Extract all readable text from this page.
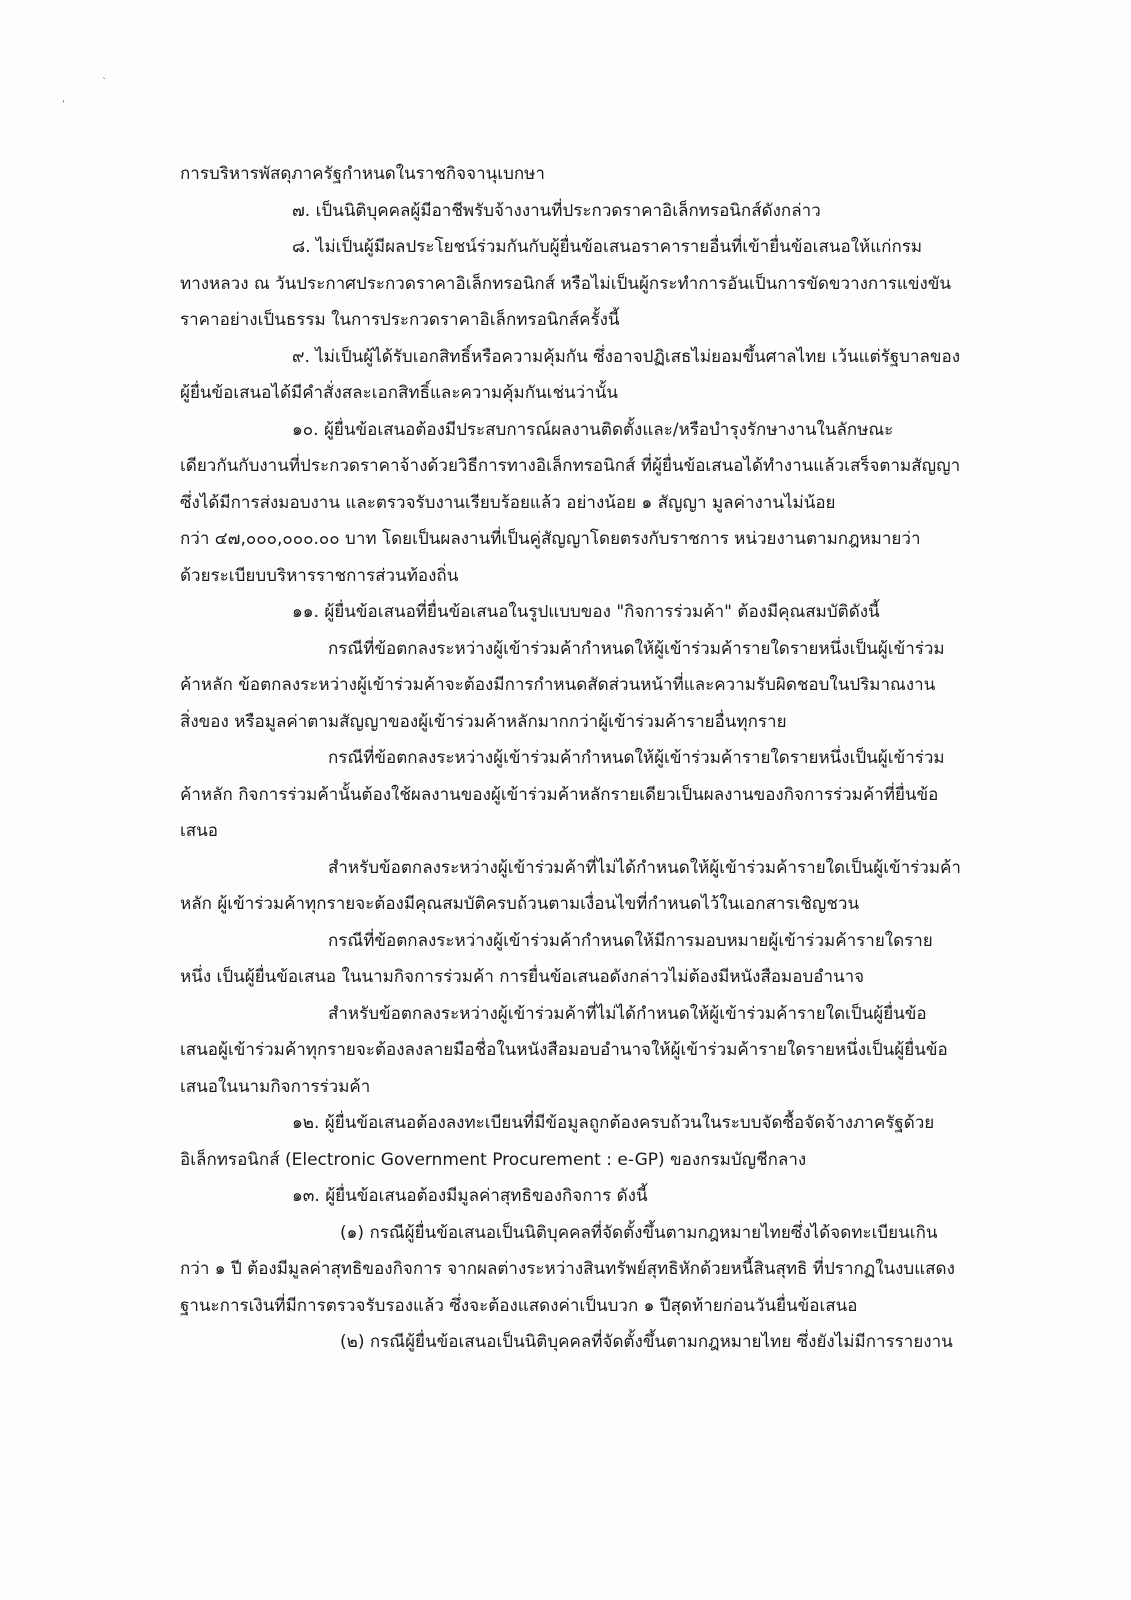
`
'
การบริหารพัสดุภาครัฐกำหนดในราชกิจจานุเบกษา
๗. เป็นนิติบุคคลผู้มีอาชีพรับจ้างงานที่ประกวดราคาอิเล็กทรอนิกส์ดังกล่าว
๘. ไม่เป็นผู้มีผลประโยชน์ร่วมกันกับผู้ยื่นข้อเสนอราคารายอื่นที่เข้ายื่นข้อเสนอให้แก่กรม
ทางหลวง ณ วันประกาศประกวดราคาอิเล็กทรอนิกส์ หรือไม่เป็นผู้กระทำการอันเป็นการขัดขวางการแข่งขัน
ราคาอย่างเป็นธรรม ในการประกวดราคาอิเล็กทรอนิกส์ครั้งนี้
๙. ไม่เป็นผู้ได้รับเอกสิทธิ์หรือความคุ้มกัน ซึ่งอาจปฏิเสธไม่ยอมขึ้นศาลไทย เว้นแต่รัฐบาลของ
ผู้ยื่นข้อเสนอได้มีคำสั่งสละเอกสิทธิ์และความคุ้มกันเช่นว่านั้น
๑๐. ผู้ยื่นข้อเสนอต้องมีประสบการณ์ผลงานติดตั้งและ/หรือบำรุงรักษางานในลักษณะ
เดียวกันกับงานที่ประกวดราคาจ้างด้วยวิธีการทางอิเล็กทรอนิกส์ ที่ผู้ยื่นข้อเสนอได้ทำงานแล้วเสร็จตามสัญญา
ซึ่งได้มีการส่งมอบงาน และตรวจรับงานเรียบร้อยแล้ว อย่างน้อย ๑ สัญญา มูลค่างานไม่น้อย
กว่า ๔๗,๐๐๐,๐๐๐.๐๐ บาท โดยเป็นผลงานที่เป็นคู่สัญญาโดยตรงกับราชการ หน่วยงานตามกฎหมายว่า
ด้วยระเบียบบริหารราชการส่วนท้องถิ่น
๑๑. ผู้ยื่นข้อเสนอที่ยื่นข้อเสนอในรูปแบบของ "กิจการร่วมค้า" ต้องมีคุณสมบัติดังนี้
กรณีที่ข้อตกลงระหว่างผู้เข้าร่วมค้ากำหนดให้ผู้เข้าร่วมค้ารายใดรายหนึ่งเป็นผู้เข้าร่วม
ค้าหลัก ข้อตกลงระหว่างผู้เข้าร่วมค้าจะต้องมีการกำหนดสัดส่วนหน้าที่และความรับผิดชอบในปริมาณงาน
สิ่งของ หรือมูลค่าตามสัญญาของผู้เข้าร่วมค้าหลักมากกว่าผู้เข้าร่วมค้ารายอื่นทุกราย
กรณีที่ข้อตกลงระหว่างผู้เข้าร่วมค้ากำหนดให้ผู้เข้าร่วมค้ารายใดรายหนึ่งเป็นผู้เข้าร่วม
ค้าหลัก กิจการร่วมค้านั้นต้องใช้ผลงานของผู้เข้าร่วมค้าหลักรายเดียวเป็นผลงานของกิจการร่วมค้าที่ยื่นข้อ
เสนอ
สำหรับข้อตกลงระหว่างผู้เข้าร่วมค้าที่ไม่ได้กำหนดให้ผู้เข้าร่วมค้ารายใดเป็นผู้เข้าร่วมค้า
หลัก ผู้เข้าร่วมค้าทุกรายจะต้องมีคุณสมบัติครบถ้วนตามเงื่อนไขที่กำหนดไว้ในเอกสารเชิญชวน
กรณีที่ข้อตกลงระหว่างผู้เข้าร่วมค้ากำหนดให้มีการมอบหมายผู้เข้าร่วมค้ารายใดราย
หนึ่ง เป็นผู้ยื่นข้อเสนอ ในนามกิจการร่วมค้า การยื่นข้อเสนอดังกล่าวไม่ต้องมีหนังสือมอบอำนาจ
สำหรับข้อตกลงระหว่างผู้เข้าร่วมค้าที่ไม่ได้กำหนดให้ผู้เข้าร่วมค้ารายใดเป็นผู้ยื่นข้อ
เสนอผู้เข้าร่วมค้าทุกรายจะต้องลงลายมือชื่อในหนังสือมอบอำนาจให้ผู้เข้าร่วมค้ารายใดรายหนึ่งเป็นผู้ยื่นข้อ
เสนอในนามกิจการร่วมค้า
๑๒. ผู้ยื่นข้อเสนอต้องลงทะเบียนที่มีข้อมูลถูกต้องครบถ้วนในระบบจัดซื้อจัดจ้างภาครัฐด้วย
อิเล็กทรอนิกส์ (Electronic Government Procurement : e-GP) ของกรมบัญชีกลาง
๑๓. ผู้ยื่นข้อเสนอต้องมีมูลค่าสุทธิของกิจการ ดังนี้
(๑) กรณีผู้ยื่นข้อเสนอเป็นนิติบุคคลที่จัดตั้งขึ้นตามกฎหมายไทยซึ่งได้จดทะเบียนเกิน
กว่า ๑ ปี ต้องมีมูลค่าสุทธิของกิจการ จากผลต่างระหว่างสินทรัพย์สุทธิหักด้วยหนี้สินสุทธิ ที่ปรากฏในงบแสดง
ฐานะการเงินที่มีการตรวจรับรองแล้ว ซึ่งจะต้องแสดงค่าเป็นบวก ๑ ปีสุดท้ายก่อนวันยื่นข้อเสนอ
(๒) กรณีผู้ยื่นข้อเสนอเป็นนิติบุคคลที่จัดตั้งขึ้นตามกฎหมายไทย ซึ่งยังไม่มีการรายงาน
